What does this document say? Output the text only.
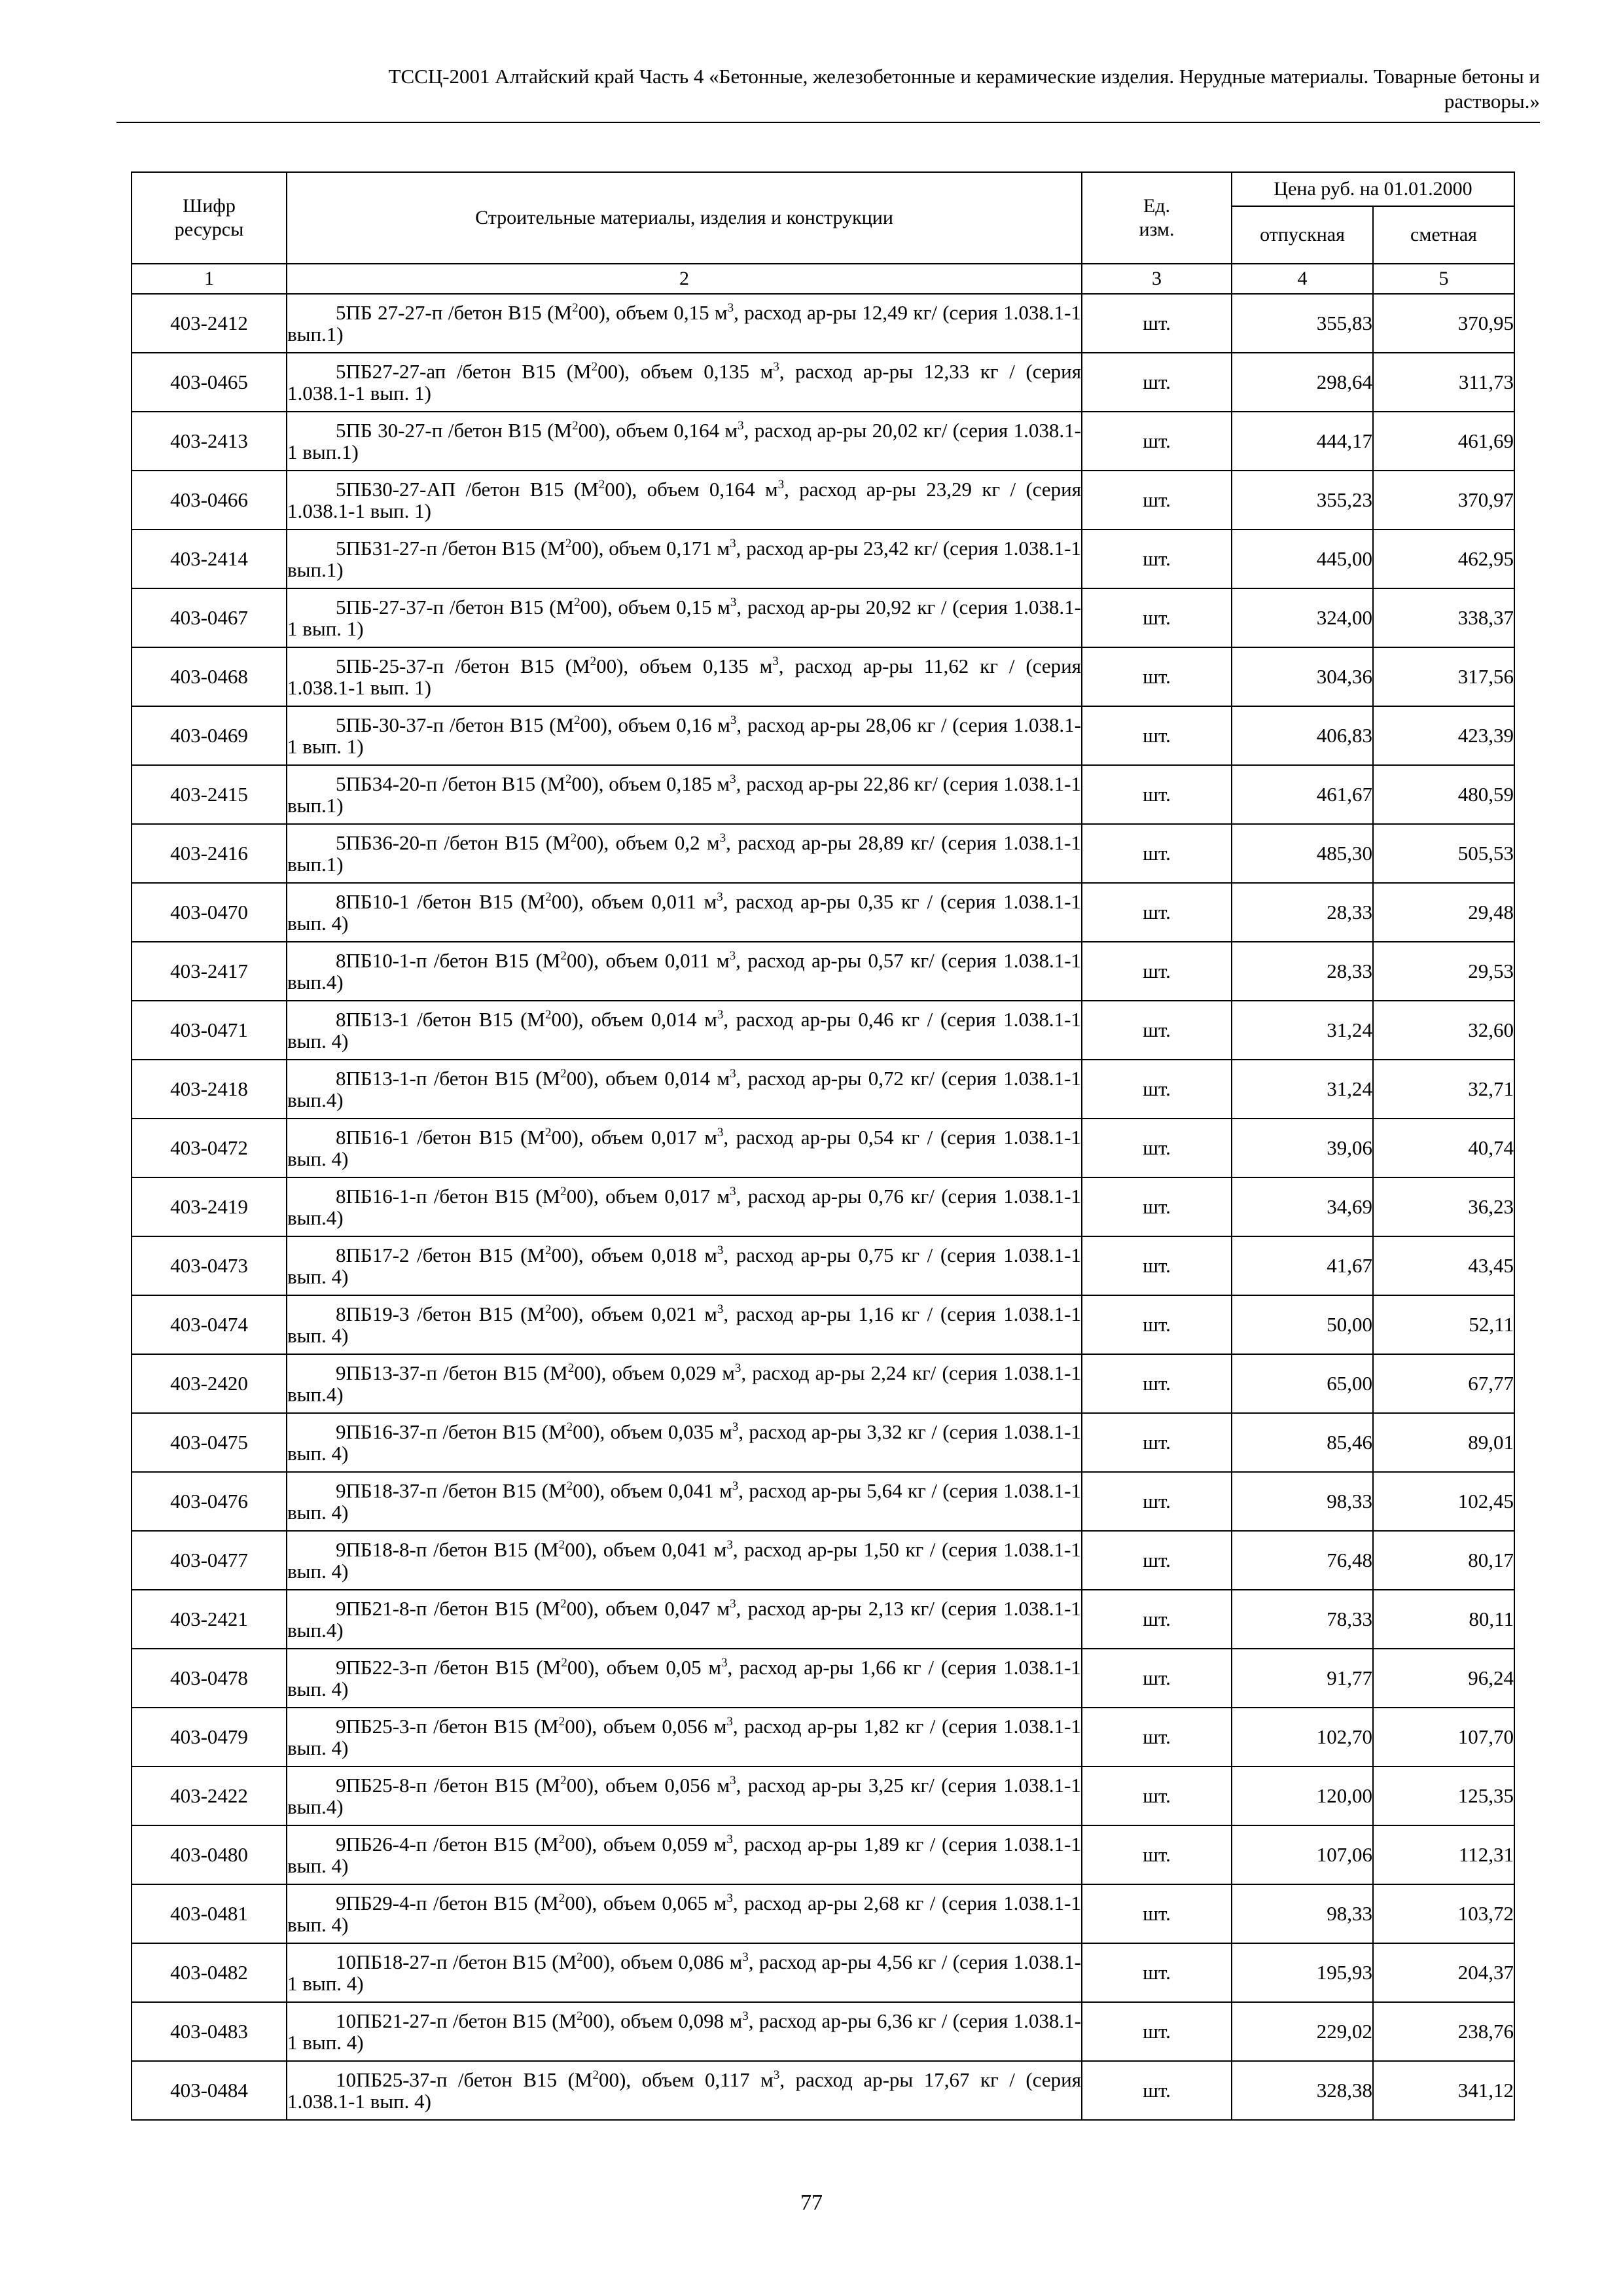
ТССЦ-2001 Алтайский край Часть 4 «Бетонные, железобетонные и керамические изделия. Нерудные материалы. Товарные бетоны и
растворы.»
Шифр ресурсы	Строительные материалы, изделия и конструкции	Ед. изм.	Цена руб. на 01.01.2000	
			отпускная	сметная
1	2	3	4	5
403-2412	5ПБ 27-27-п /бетон В15 $(М^200)$, объем 0,15 $м^3$, расход ар-ры 12,49 кг/ (серия 1.038.1-1 вып.1)	шт.	355,83	370,95
403-0465	5ПБ27-27-ап /бетон В15 $(М^200)$, объем 0,135 $м^3$, расход ар-ры 12,33 кг / (серия 1.038.1-1 вып. 1)	шт.	298,64	311,73
403-2413	5ПБ 30-27-п /бетон В15 $(М^200)$, объем 0,164 $м^3$, расход ар-ры 20,02 кг/ (серия 1.038.1-1 вып.1)	шт.	444,17	461,69
403-0466	5ПБ30-27-АП /бетон В15 $(М^200)$, объем 0,164 $м^3$, расход ар-ры 23,29 кг / (серия 1.038.1-1 вып. 1)	шт.	355,23	370,97
403-2414	5ПБ31-27-п /бетон В15 $(М^200)$, объем 0,171 $м^3$, расход ар-ры 23,42 кг/ (серия 1.038.1-1 вып.1)	шт.	445,00	462,95
403-0467	5ПБ-27-37-п /бетон В15 $(М^200)$, объем 0,15 $м^3$, расход ар-ры 20,92 кг / (серия 1.038.1-1 вып. 1)	шт.	324,00	338,37
403-0468	5ПБ-25-37-п /бетон В15 $(М^200)$, объем 0,135 $м^3$, расход ар-ры 11,62 кг / (серия 1.038.1-1 вып. 1)	шт.	304,36	317,56
403-0469	5ПБ-30-37-п /бетон В15 $(М^200)$, объем 0,16 $м^3$, расход ар-ры 28,06 кг / (серия 1.038.1-1 вып. 1)	шт.	406,83	423,39
403-2415	5ПБ34-20-п /бетон В15 $(М^200)$, объем 0,185 $м^3$, расход ар-ры 22,86 кг/ (серия 1.038.1-1 вып.1)	шт.	461,67	480,59
403-2416	5ПБ36-20-п /бетон В15 $(М^200)$, объем 0,2 $м^3$, расход ар-ры 28,89 кг/ (серия 1.038.1-1 вып.1)	шт.	485,30	505,53
403-0470	8ПБ10-1 /бетон В15 $(М^200)$, объем 0,011 $м^3$, расход ар-ры 0,35 кг / (серия 1.038.1-1 вып. 4)	шт.	28,33	29,48
403-2417	8ПБ10-1-п /бетон В15 $(М^200)$, объем 0,011 $м^3$, расход ар-ры 0,57 кг/ (серия 1.038.1-1 вып.4)	шт.	28,33	29,53
403-0471	8ПБ13-1 /бетон В15 $(М^200)$, объем 0,014 $м^3$, расход ар-ры 0,46 кг / (серия 1.038.1-1 вып. 4)	шт.	31,24	32,60
403-2418	8ПБ13-1-п /бетон В15 $(М^200)$, объем 0,014 $м^3$, расход ар-ры 0,72 кг/ (серия 1.038.1-1 вып.4)	шт.	31,24	32,71
403-0472	8ПБ16-1 /бетон В15 $(М^200)$, объем 0,017 $м^3$, расход ар-ры 0,54 кг / (серия 1.038.1-1 вып. 4)	шт.	39,06	40,74
403-2419	8ПБ16-1-п /бетон В15 $(М^200)$, объем 0,017 $м^3$, расход ар-ры 0,76 кг/ (серия 1.038.1-1 вып.4)	шт.	34,69	36,23
403-0473	8ПБ17-2 /бетон В15 $(М^200)$, объем 0,018 $м^3$, расход ар-ры 0,75 кг / (серия 1.038.1-1 вып. 4)	шт.	41,67	43,45
403-0474	8ПБ19-3 /бетон В15 $(М^200)$, объем 0,021 $м^3$, расход ар-ры 1,16 кг / (серия 1.038.1-1 вып. 4)	шт.	50,00	52,11
403-2420	9ПБ13-37-п /бетон В15 $(М^200)$, объем 0,029 $м^3$, расход ар-ры 2,24 кг/ (серия 1.038.1-1 вып.4)	шт.	65,00	67,77
403-0475	9ПБ16-37-п /бетон В15 $(М^200)$, объем 0,035 $м^3$, расход ар-ры 3,32 кг / (серия 1.038.1-1 вып. 4)	шт.	85,46	89,01
403-0476	9ПБ18-37-п /бетон В15 $(М^200)$, объем 0,041 $м^3$, расход ар-ры 5,64 кг / (серия 1.038.1-1 вып. 4)	шт.	98,33	102,45
403-0477	9ПБ18-8-п /бетон В15 $(М^200)$, объем 0,041 $м^3$, расход ар-ры 1,50 кг / (серия 1.038.1-1 вып. 4)	шт.	76,48	80,17
403-2421	9ПБ21-8-п /бетон В15 $(М^200)$, объем 0,047 $м^3$, расход ар-ры 2,13 кг/ (серия 1.038.1-1 вып.4)	шт.	78,33	80,11
403-0478	9ПБ22-3-п /бетон В15 $(М^200)$, объем 0,05 $м^3$, расход ар-ры 1,66 кг / (серия 1.038.1-1 вып. 4)	шт.	91,77	96,24
403-0479	9ПБ25-3-п /бетон В15 $(М^200)$, объем 0,056 $м^3$, расход ар-ры 1,82 кг / (серия 1.038.1-1 вып. 4)	шт.	102,70	107,70
403-2422	9ПБ25-8-п /бетон В15 $(М^200)$, объем 0,056 $м^3$, расход ар-ры 3,25 кг/ (серия 1.038.1-1 вып.4)	шт.	120,00	125,35
403-0480	9ПБ26-4-п /бетон В15 $(М^200)$, объем 0,059 $м^3$, расход ар-ры 1,89 кг / (серия 1.038.1-1 вып. 4)	шт.	107,06	112,31
403-0481	9ПБ29-4-п /бетон В15 $(М^200)$, объем 0,065 $м^3$, расход ар-ры 2,68 кг / (серия 1.038.1-1 вып. 4)	шт.	98,33	103,72
403-0482	10ПБ18-27-п /бетон В15 $(М^200)$, объем 0,086 $м^3$, расход ар-ры 4,56 кг / (серия 1.038.1-1 вып. 4)	шт.	195,93	204,37
403-0483	10ПБ21-27-п /бетон В15 $(М^200)$, объем 0,098 $м^3$, расход ар-ры 6,36 кг / (серия 1.038.1-1 вып. 4)	шт.	229,02	238,76
403-0484	10ПБ25-37-п /бетон В15 $(М^200)$, объем 0,117 $м^3$, расход ар-ры 17,67 кг / (серия 1.038.1-1 вып. 4)	шт.	328,38	341,12
77
